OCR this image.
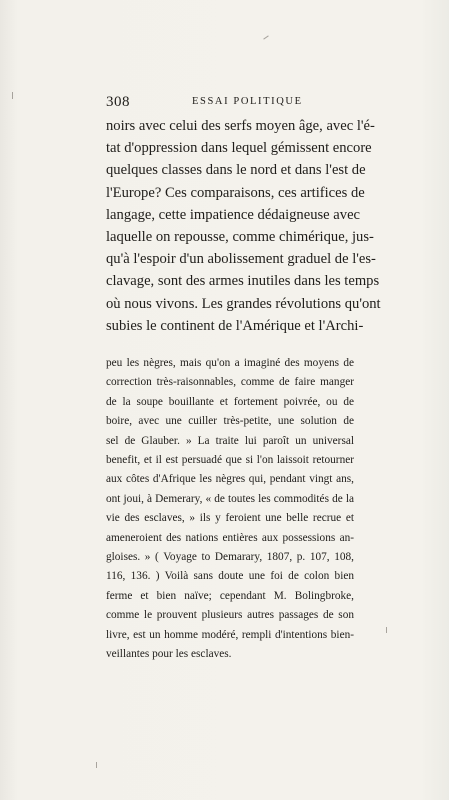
308	ESSAI POLITIQUE
noirs avec celui des serfs moyen âge, avec l'é-
tat d'oppression dans lequel gémissent encore
quelques classes dans le nord et dans l'est de
l'Europe? Ces comparaisons, ces artifices de
langage, cette impatience dédaigneuse avec
laquelle on repousse, comme chimérique, jus-
qu'à l'espoir d'un abolissement graduel de l'es-
clavage, sont des armes inutiles dans les temps
où nous vivons. Les grandes révolutions qu'ont
subies le continent de l'Amérique et l'Archi-
peu les nègres, mais qu'on a imaginé des moyens de
correction très-raisonnables, comme de faire manger
de la soupe bouillante et fortement poivrée, ou de
boire, avec une cuiller très-petite, une solution de
sel de Glauber. » La traite lui paroît un universal
benefit, et il est persuadé que si l'on laissoit retourner
aux côtes d'Afrique les nègres qui, pendant vingt ans,
ont joui, à Demerary, « de toutes les commodités de la
vie des esclaves, » ils y feroient une belle recrue et
ameneroient des nations entières aux possessions an-
gloises. » ( Voyage to Demarary, 1807, p. 107, 108,
116, 136. ) Voilà sans doute une foi de colon bien
ferme et bien naïve; cependant M. Bolingbroke,
comme le prouvent plusieurs autres passages de son
livre, est un homme modéré, rempli d'intentions bien-
veillantes pour les esclaves.
